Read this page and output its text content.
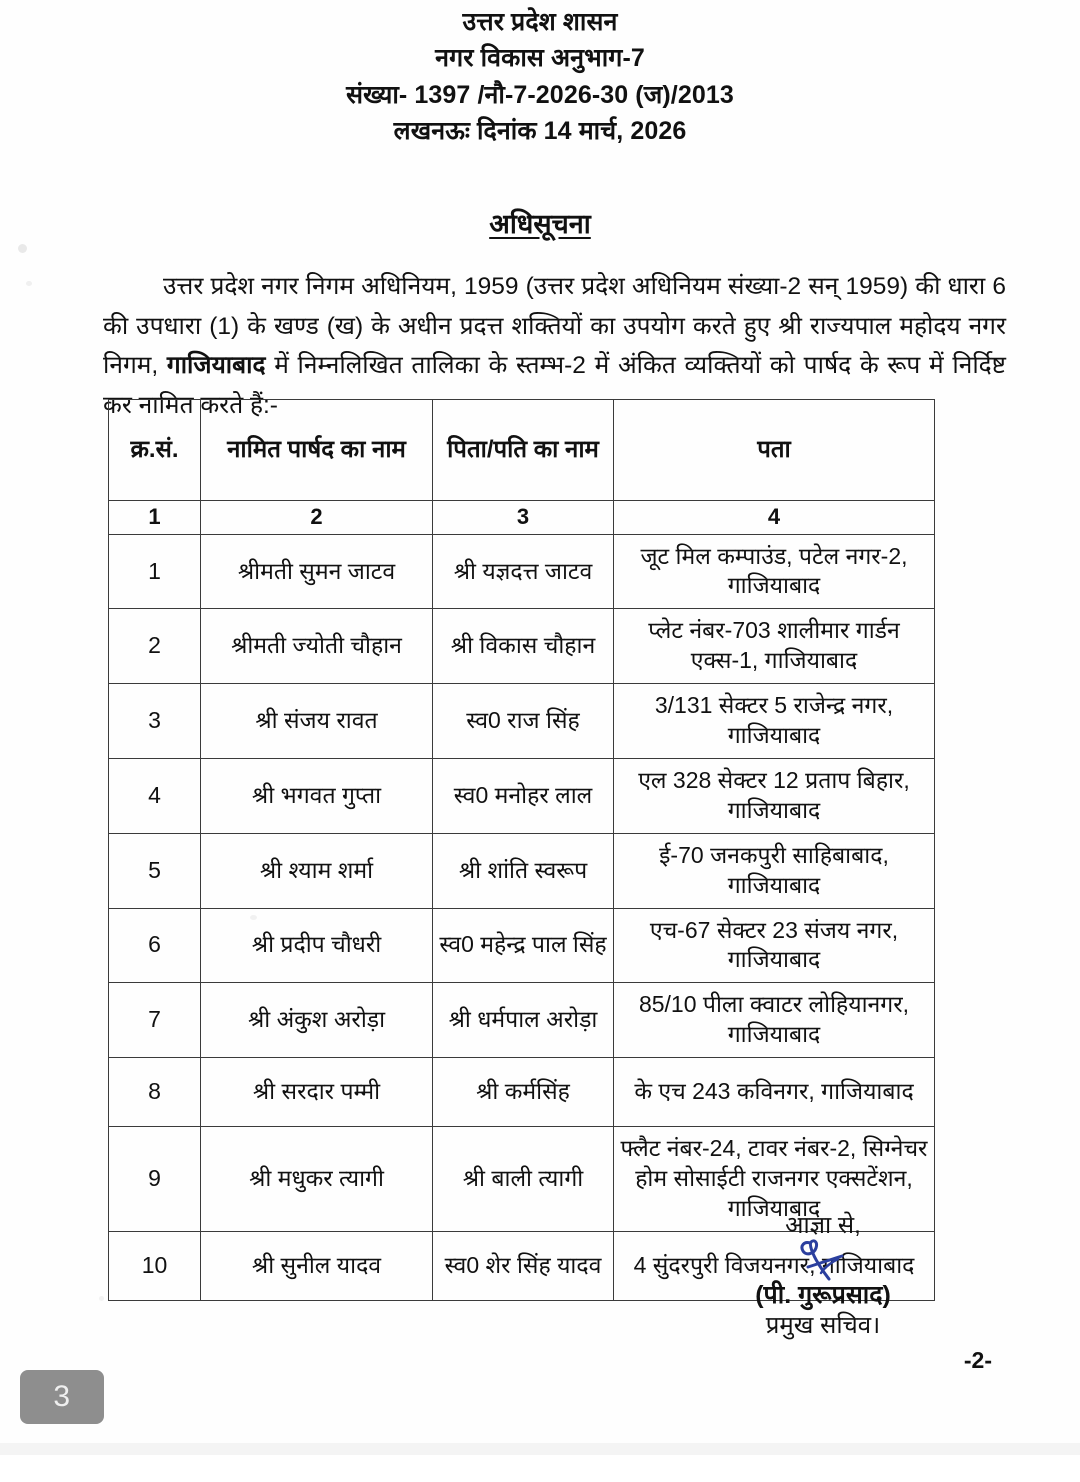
उत्तर प्रदेश शासन
नगर विकास अनुभाग-7
संख्या- 1397 /नौ-7-2026-30 (ज)/2013
लखनऊः दिनांक 14 मार्च, 2026
अधिसूचना

उत्तर प्रदेश नगर निगम अधिनियम, 1959 (उत्तर प्रदेश अधिनियम संख्या-2 सन् 1959) की धारा 6 की उपधारा (1) के खण्ड (ख) के अधीन प्रदत्त शक्तियों का उपयोग करते हुए श्री राज्यपाल महोदय नगर निगम, गाजियाबाद में निम्नलिखित तालिका के स्तम्भ-2 में अंकित व्यक्तियों को पार्षद के रूप में निर्दिष्ट कर नामित करते हैं:-

क्र.सं.	नामित पार्षद का नाम	पिता/पति का नाम	पता
1	2	3	4
1	श्रीमती सुमन जाटव	श्री यज्ञदत्त जाटव	जूट मिल कम्पाउंड, पटेल नगर-2, गाजियाबाद
2	श्रीमती ज्योती चौहान	श्री विकास चौहान	प्लेट नंबर-703 शालीमार गार्डन एक्स-1, गाजियाबाद
3	श्री संजय रावत	स्व0 राज सिंह	3/131 सेक्टर 5 राजेन्द्र नगर, गाजियाबाद
4	श्री भगवत गुप्ता	स्व0 मनोहर लाल	एल 328 सेक्टर 12 प्रताप बिहार, गाजियाबाद
5	श्री श्याम शर्मा	श्री शांति स्वरूप	ई-70 जनकपुरी साहिबाबाद, गाजियाबाद
6	श्री प्रदीप चौधरी	स्व0 महेन्द्र पाल सिंह	एच-67 सेक्टर 23 संजय नगर, गाजियाबाद
7	श्री अंकुश अरोड़ा	श्री धर्मपाल अरोड़ा	85/10 पीला क्वाटर लोहियानगर, गाजियाबाद
8	श्री सरदार पम्मी	श्री कर्मसिंह	के एच 243 कविनगर, गाजियाबाद
9	श्री मधुकर त्यागी	श्री बाली त्यागी	फ्लैट नंबर-24, टावर नंबर-2, सिग्नेचर होम सोसाईटी राजनगर एक्सटेंशन, गाजियाबाद
10	श्री सुनील यादव	स्व0 शेर सिंह यादव	4 सुंदरपुरी विजयनगर, गाजियाबाद
आज्ञा से,
(पी. गुरूप्रसाद)
प्रमुख सचिव।
-2-
3
